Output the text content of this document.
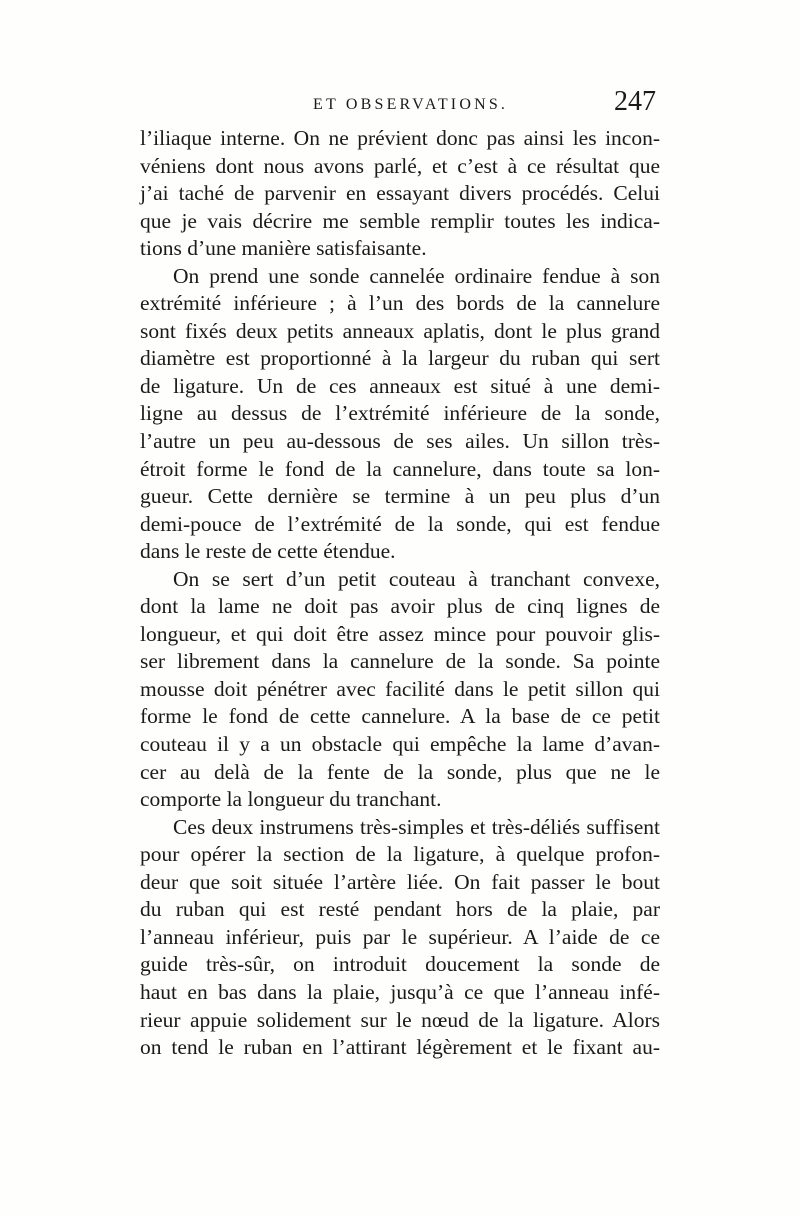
ET OBSERVATIONS.	247
l’iliaque interne. On ne prévient donc pas ainsi les incon-
véniens dont nous avons parlé, et c’est à ce résultat que
j’ai taché de parvenir en essayant divers procédés. Celui
que je vais décrire me semble remplir toutes les indica-
tions d’une manière satisfaisante.
On prend une sonde cannelée ordinaire fendue à son
extrémité inférieure ; à l’un des bords de la cannelure
sont fixés deux petits anneaux aplatis, dont le plus grand
diamètre est proportionné à la largeur du ruban qui sert
de ligature. Un de ces anneaux est situé à une demi-
ligne au dessus de l’extrémité inférieure de la sonde,
l’autre un peu au-dessous de ses ailes. Un sillon très-
étroit forme le fond de la cannelure, dans toute sa lon-
gueur. Cette dernière se termine à un peu plus d’un
demi-pouce de l’extrémité de la sonde, qui est fendue
dans le reste de cette étendue.
On se sert d’un petit couteau à tranchant convexe,
dont la lame ne doit pas avoir plus de cinq lignes de
longueur, et qui doit être assez mince pour pouvoir glis-
ser librement dans la cannelure de la sonde. Sa pointe
mousse doit pénétrer avec facilité dans le petit sillon qui
forme le fond de cette cannelure. A la base de ce petit
couteau il y a un obstacle qui empêche la lame d’avan-
cer au delà de la fente de la sonde, plus que ne le
comporte la longueur du tranchant.
Ces deux instrumens très-simples et très-déliés suffisent
pour opérer la section de la ligature, à quelque profon-
deur que soit située l’artère liée. On fait passer le bout
du ruban qui est resté pendant hors de la plaie, par
l’anneau inférieur, puis par le supérieur. A l’aide de ce
guide très-sûr, on introduit doucement la sonde de
haut en bas dans la plaie, jusqu’à ce que l’anneau infé-
rieur appuie solidement sur le nœud de la ligature. Alors
on tend le ruban en l’attirant légèrement et le fixant au-
